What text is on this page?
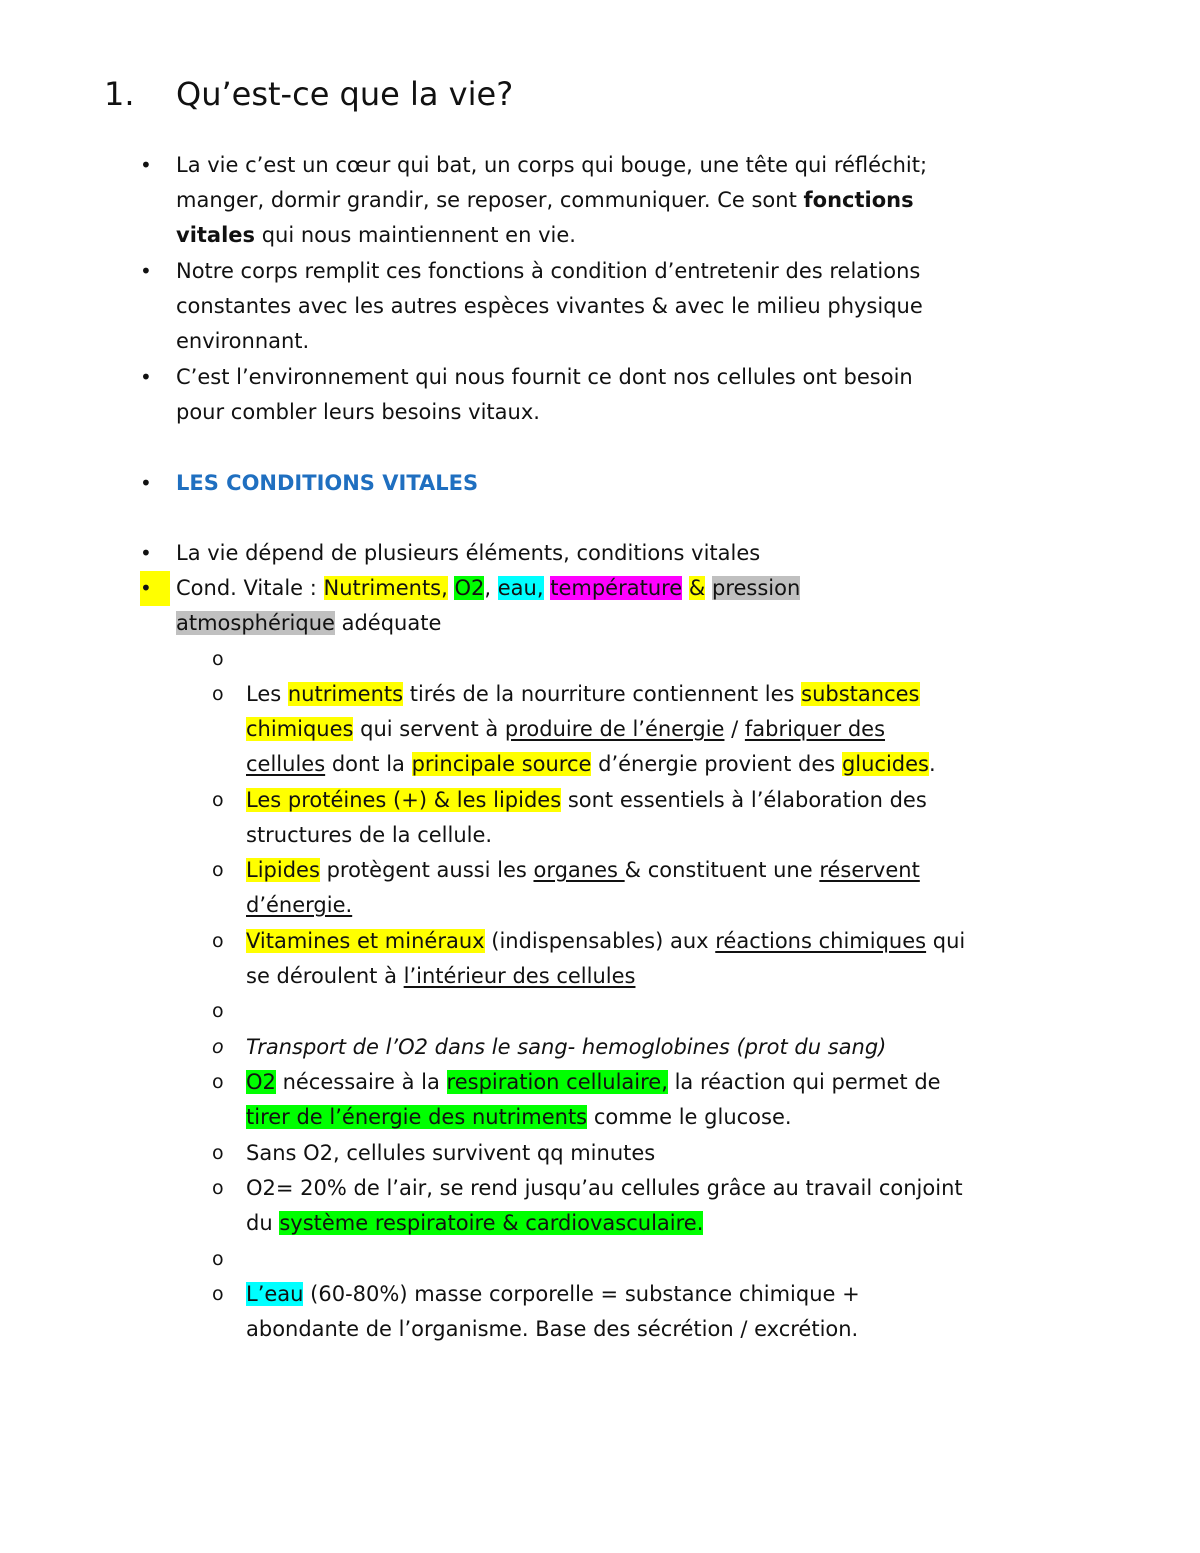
1. Qu’est-ce que la vie?
• La vie c’est un cœur qui bat, un corps qui bouge, une tête qui réfléchit;

manger, dormir grandir, se reposer, communiquer. Ce sont fonctions

vitales qui nous maintiennent en vie.

• Notre corps remplit ces fonctions à condition d’entretenir des relations

constantes avec les autres espèces vivantes & avec le milieu physique

environnant.

• C’est l’environnement qui nous fournit ce dont nos cellules ont besoin

pour combler leurs besoins vitaux.

• LES CONDITIONS VITALES

• La vie dépend de plusieurs éléments, conditions vitales

•	Cond. Vitale : Nutriments, O2, eau, température & pression

atmosphérique adéquate

o
o Les nutriments tirés de la nourriture contiennent les substances

chimiques qui servent à produire de l’énergie / fabriquer des

cellules dont la principale source d’énergie provient des glucides.

o Les protéines (+) & les lipides sont essentiels à l’élaboration des

structures de la cellule.

o Lipides protègent aussi les organes & constituent une réservent

d’énergie.

o Vitamines et minéraux (indispensables) aux réactions chimiques qui

se déroulent à l’intérieur des cellules

o
o Transport de l’O2 dans le sang- hemoglobines (prot du sang)

o O2 nécessaire à la respiration cellulaire, la réaction qui permet de

tirer de l’énergie des nutriments comme le glucose.

o Sans O2, cellules survivent qq minutes

o O2= 20% de l’air, se rend jusqu’au cellules grâce au travail conjoint

du système respiratoire & cardiovasculaire.

o
o L’eau (60-80%) masse corporelle = substance chimique +

abondante de l’organisme. Base des sécrétion / excrétion.
